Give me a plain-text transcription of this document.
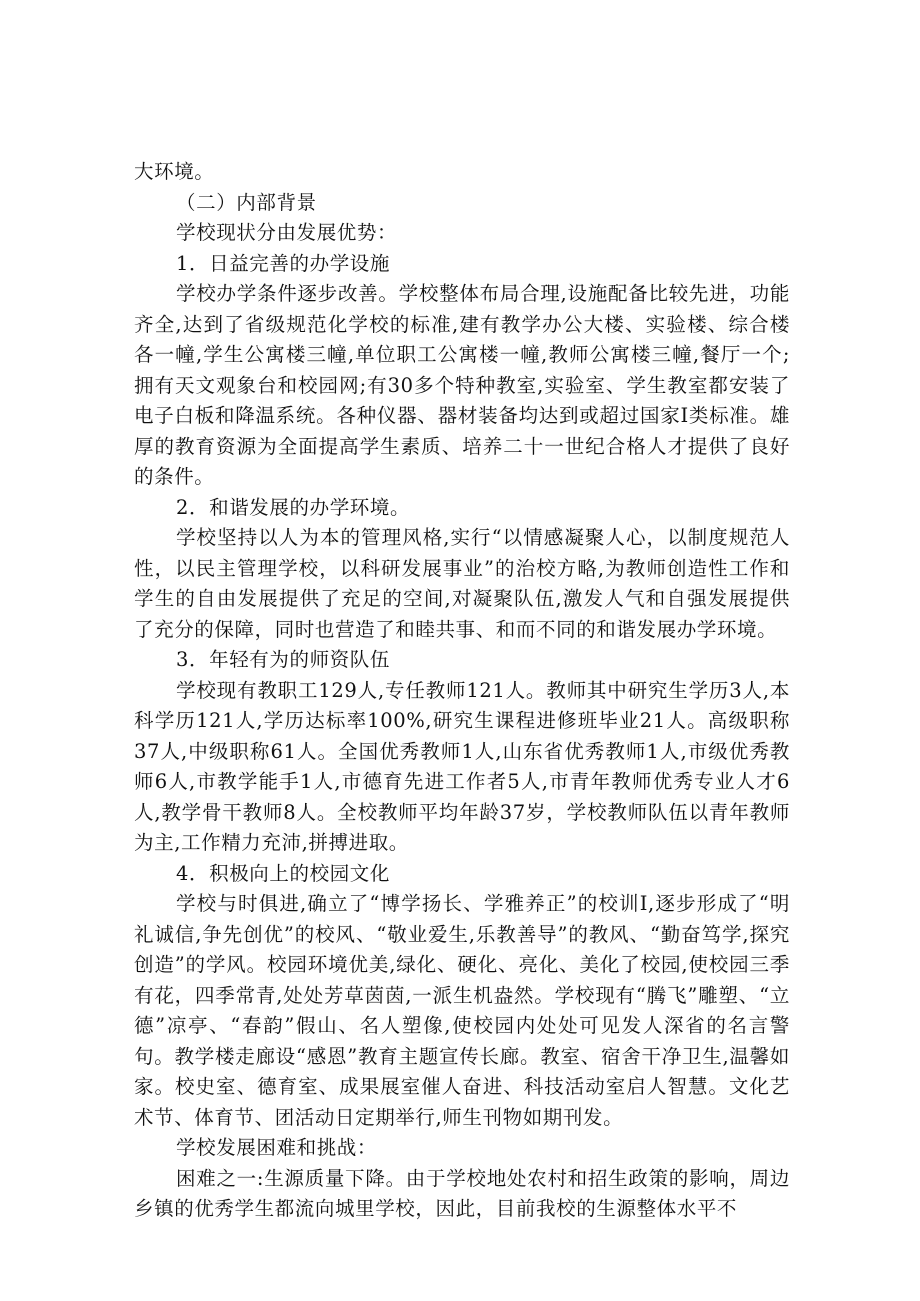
大环境。

（二）内部背景

学校现状分由发展优势：

1．日益完善的办学设施

学校办学条件逐步改善。学校整体布局合理,设施配备比较先进，功能齐全,达到了省级规范化学校的标准,建有教学办公大楼、实验楼、综合楼各一幢,学生公寓楼三幢,单位职工公寓楼一幢,教师公寓楼三幢,餐厅一个;拥有天文观象台和校园网;有30多个特种教室,实验室、学生教室都安装了电子白板和降温系统。各种仪器、器材装备均达到或超过国家I类标准。雄厚的教育资源为全面提高学生素质、培养二十一世纪合格人才提供了良好的条件。

2．和谐发展的办学环境。

学校坚持以人为本的管理风格,实行“以情感凝聚人心，以制度规范人性，以民主管理学校，以科研发展事业”的治校方略,为教师创造性工作和学生的自由发展提供了充足的空间,对凝聚队伍,激发人气和自强发展提供了充分的保障，同时也营造了和睦共事、和而不同的和谐发展办学环境。

3．年轻有为的师资队伍

学校现有教职工129人,专任教师121人。教师其中研究生学历3人,本科学历121人,学历达标率100%,研究生课程进修班毕业21人。高级职称37人,中级职称61人。全国优秀教师1人,山东省优秀教师1人,市级优秀教师6人,市教学能手1人,市德育先进工作者5人,市青年教师优秀专业人才6人,教学骨干教师8人。全校教师平均年龄37岁，学校教师队伍以青年教师为主,工作精力充沛,拼搏进取。

4．积极向上的校园文化

学校与时俱进,确立了“博学扬长、学雅养正”的校训I,逐步形成了“明礼诚信,争先创优”的校风、“敬业爱生,乐教善导”的教风、“勤奋笃学,探究创造”的学风。校园环境优美,绿化、硬化、亮化、美化了校园,使校园三季有花，四季常青,处处芳草茵茵,一派生机盎然。学校现有“腾飞”雕塑、“立德”凉亭、“春韵”假山、名人塑像,使校园内处处可见发人深省的名言警句。教学楼走廊设“感恩”教育主题宣传长廊。教室、宿舍干净卫生,温馨如家。校史室、德育室、成果展室催人奋进、科技活动室启人智慧。文化艺术节、体育节、团活动日定期举行,师生刊物如期刊发。

学校发展困难和挑战：

困难之一:生源质量下降。由于学校地处农村和招生政策的影响，周边乡镇的优秀学生都流向城里学校，因此，目前我校的生源整体水平不
